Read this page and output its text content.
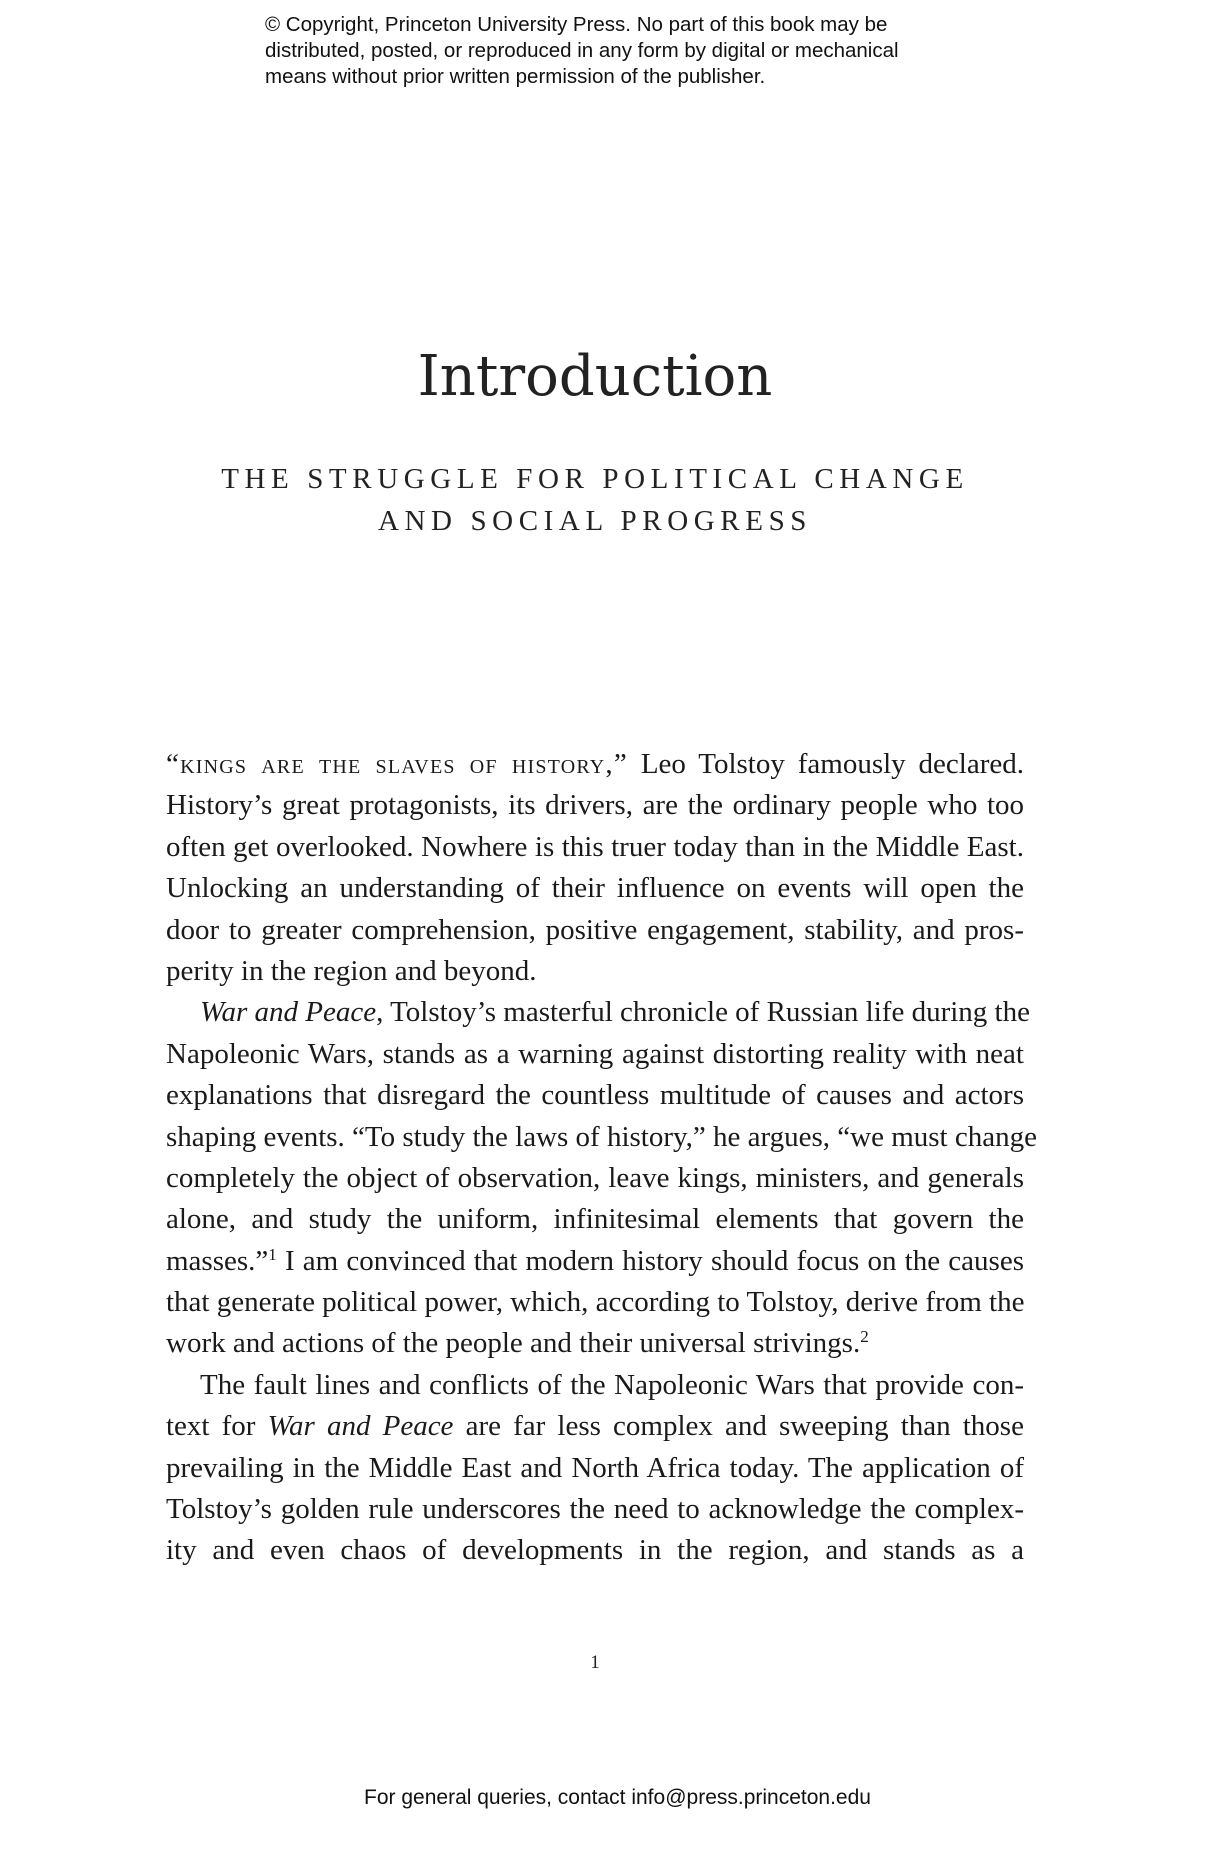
© Copyright, Princeton University Press. No part of this book may be
distributed, posted, or reproduced in any form by digital or mechanical
means without prior written permission of the publisher.
Introduction
THE STRUGGLE FOR POLITICAL CHANGE
AND SOCIAL PROGRESS
“kings are the slaves of history,” Leo Tolstoy famously declared.
History’s great protagonists, its drivers, are the ordinary people who too
often get overlooked. Nowhere is this truer today than in the Middle East.
Unlocking an understanding of their influence on events will open the
door to greater comprehension, positive engagement, stability, and pros-
perity in the region and beyond.
War and Peace, Tolstoy’s masterful chronicle of Russian life during the
Napoleonic Wars, stands as a warning against distorting reality with neat
explanations that disregard the countless multitude of causes and actors
shaping events. “To study the laws of history,” he argues, “we must change
completely the object of observation, leave kings, ministers, and generals
alone, and study the uniform, infinitesimal elements that govern the
masses.”$^1$ I am convinced that modern history should focus on the causes
that generate political power, which, according to Tolstoy, derive from the
work and actions of the people and their universal strivings.$^2$
The fault lines and conflicts of the Napoleonic Wars that provide con-
text for War and Peace are far less complex and sweeping than those
prevailing in the Middle East and North Africa today. The application of
Tolstoy’s golden rule underscores the need to acknowledge the complex-
ity and even chaos of developments in the region, and stands as a
1
For general queries, contact info@press.princeton.edu
